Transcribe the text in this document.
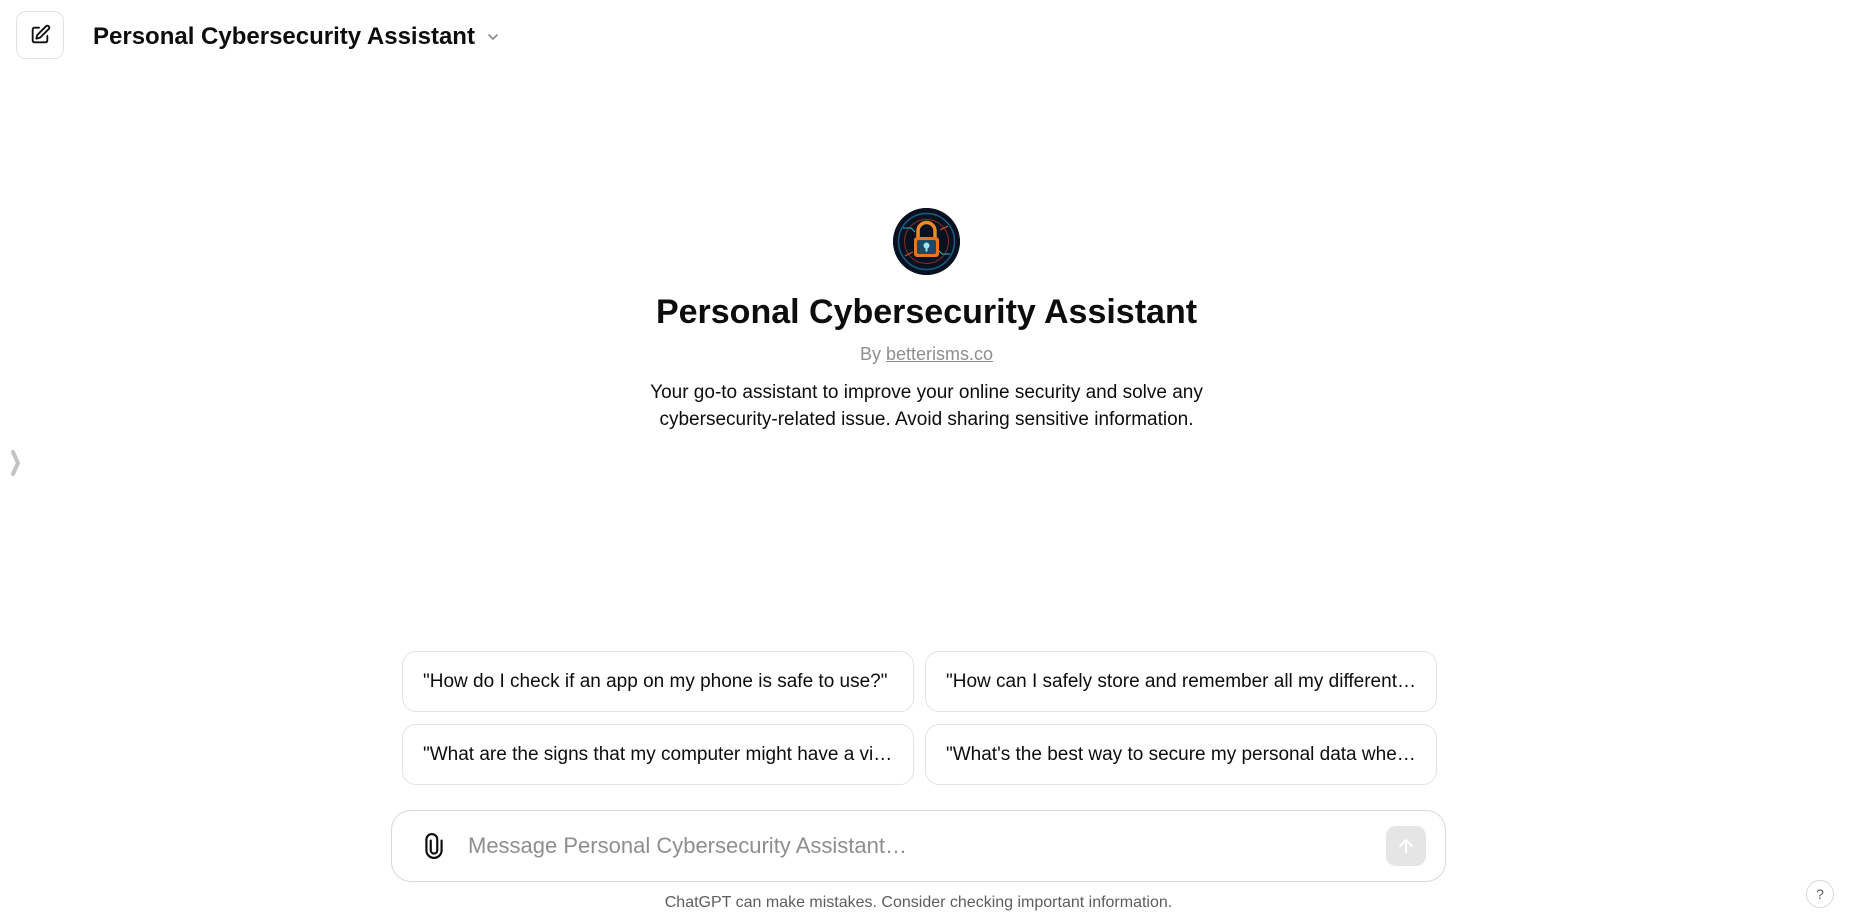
Personal Cybersecurity Assistant
Personal Cybersecurity Assistant
By betterisms.co
Your go-to assistant to improve your online security and solve any cybersecurity-related issue. Avoid sharing sensitive information.
"How do I check if an app on my phone is safe to use?"	"How can I safely store and remember all my different…
"What are the signs that my computer might have a vi…	"What's the best way to secure my personal data whe…
Message Personal Cybersecurity Assistant…
ChatGPT can make mistakes. Consider checking important information.	?
